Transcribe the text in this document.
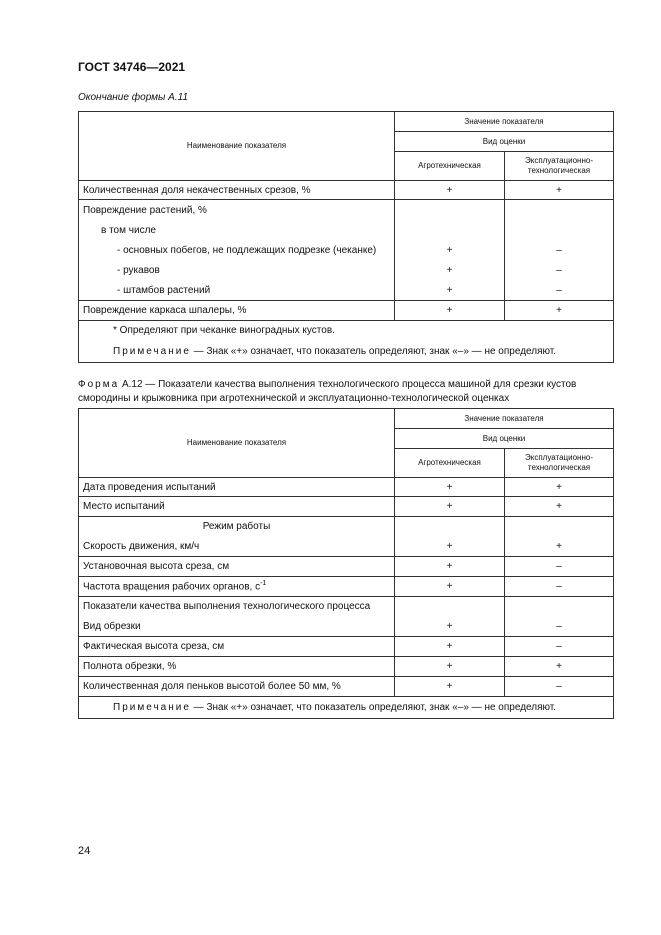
ГОСТ 34746—2021
Окончание формы А.11
Наименование показателя	Значение показателя	
	Вид оценки	
	Агротехническая	Эксплуатационно-технологическая
Количественная доля некачественных срезов, %	+	+
Повреждение растений, %		
в том числе		
- основных побегов, не подлежащих подрезке (чеканке)	+	–
- рукавов	+	–
- штамбов растений	+	–
Повреждение каркаса шпалеры, %	+	+
* Определяют при чеканке виноградных кустов.		
Примечание — Знак «+» означает, что показатель определяют, знак «–» — не определяют.		
Форма А.12 — Показатели качества выполнения технологического процесса машиной для срезки кустов смородины и крыжовника при агротехнической и эксплуатационно-технологической оценках
Наименование показателя	Значение показателя	
	Вид оценки	
	Агротехническая	Эксплуатационно-технологическая
Дата проведения испытаний	+	+
Место испытаний	+	+
Режим работы		
Скорость движения, км/ч	+	+
Установочная высота среза, см	+	–
Частота вращения рабочих органов, $с^{-1}$	+	–
Показатели качества выполнения технологического процесса		
Вид обрезки	+	–
Фактическая высота среза, см	+	–
Полнота обрезки, %	+	+
Количественная доля пеньков высотой более 50 мм, %	+	–
Примечание — Знак «+» означает, что показатель определяют, знак «–» — не определяют.		
24
